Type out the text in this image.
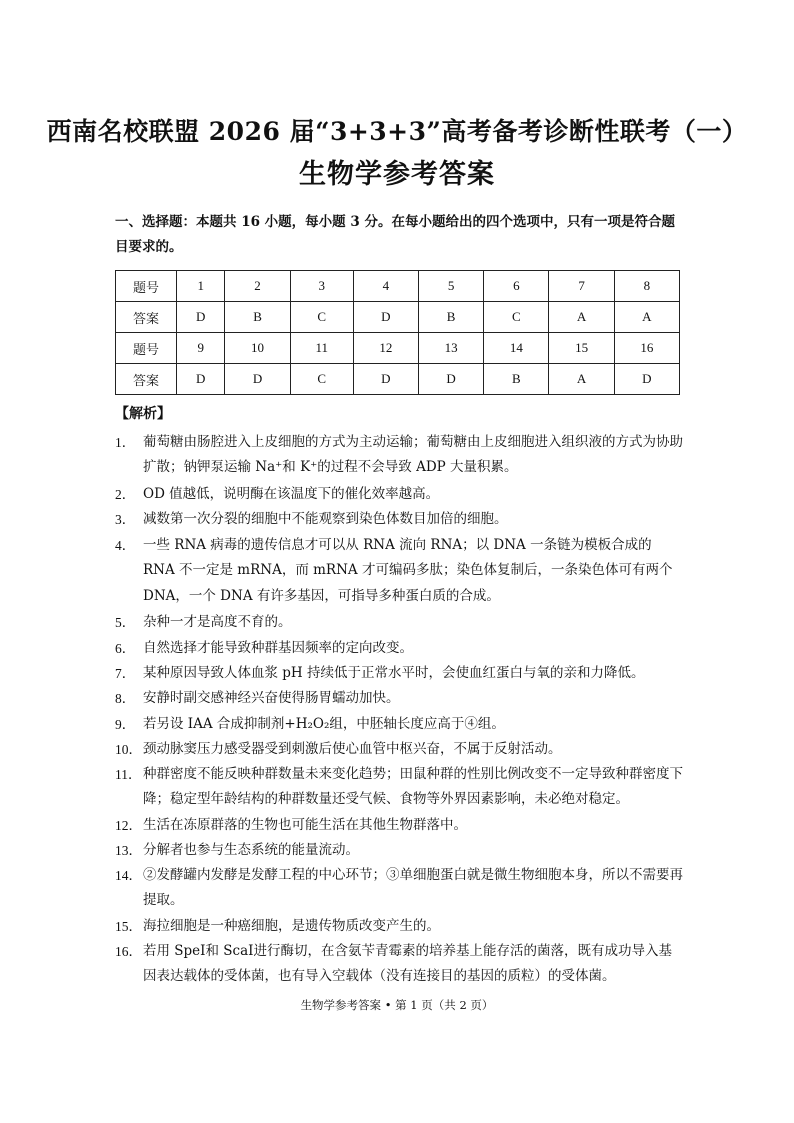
西南名校联盟 2026 届“3+3+3”高考备考诊断性联考（一）
生物学参考答案
一、选择题：本题共 16 小题，每小题 3 分。在每小题给出的四个选项中，只有一项是符合题目要求的。
题号	1	2	3	4	5	6	7	8
答案	D	B	C	D	B	C	A	A
题号	9	10	11	12	13	14	15	16
答案	D	D	C	D	D	B	A	D
【解析】
1． 葡萄糖由肠腔进入上皮细胞的方式为主动运输；葡萄糖由上皮细胞进入组织液的方式为协助扩散；钠钾泵运输 Na⁺和 K⁺的过程不会导致 ADP 大量积累。
2． OD 值越低，说明酶在该温度下的催化效率越高。
3． 减数第一次分裂的细胞中不能观察到染色体数目加倍的细胞。
4． 一些 RNA 病毒的遗传信息才可以从 RNA 流向 RNA；以 DNA 一条链为模板合成的 RNA 不一定是 mRNA，而 mRNA 才可编码多肽；染色体复制后，一条染色体可有两个 DNA，一个 DNA 有许多基因，可指导多种蛋白质的合成。
5． 杂种一才是高度不育的。
6． 自然选择才能导致种群基因频率的定向改变。
7． 某种原因导致人体血浆 pH 持续低于正常水平时，会使血红蛋白与氧的亲和力降低。
8． 安静时副交感神经兴奋使得肠胃蠕动加快。
9． 若另设 IAA 合成抑制剂+H₂O₂组，中胚轴长度应高于④组。
10． 颈动脉窦压力感受器受到刺激后使心血管中枢兴奋，不属于反射活动。
11． 种群密度不能反映种群数量未来变化趋势；田鼠种群的性别比例改变不一定导致种群密度下降；稳定型年龄结构的种群数量还受气候、食物等外界因素影响，未必绝对稳定。
12． 生活在冻原群落的生物也可能生活在其他生物群落中。
13． 分解者也参与生态系统的能量流动。
14． ②发酵罐内发酵是发酵工程的中心环节；③单细胞蛋白就是微生物细胞本身，所以不需要再提取。
15． 海拉细胞是一种癌细胞，是遗传物质改变产生的。
16． 若用 SpeⅠ和 ScaⅠ进行酶切，在含氨苄青霉素的培养基上能存活的菌落，既有成功导入基因表达载体的受体菌，也有导入空载体（没有连接目的基因的质粒）的受体菌。
生物学参考答案 • 第 1 页（共 2 页）
